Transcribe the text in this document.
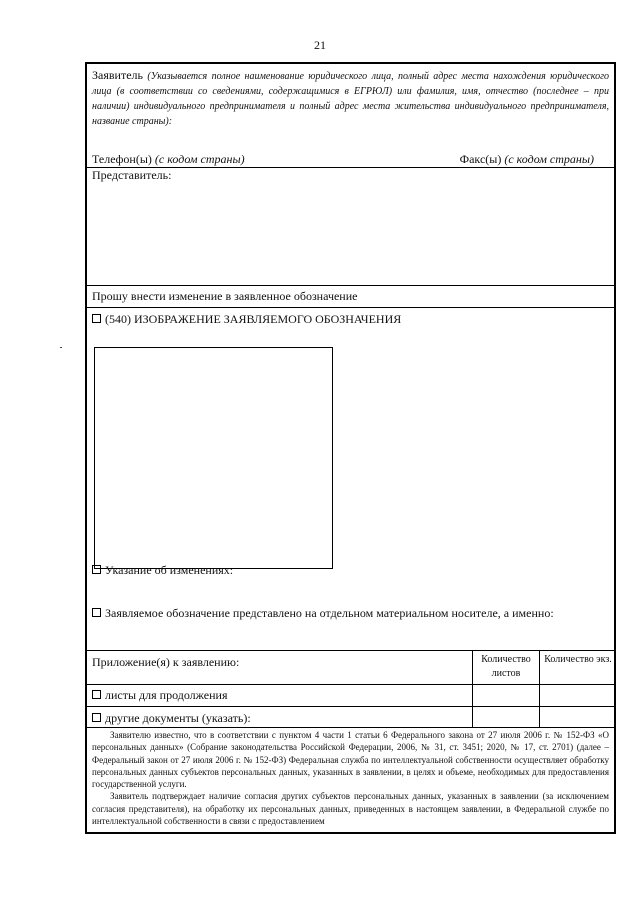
21
Заявитель (Указывается полное наименование юридического лица, полный адрес места нахождения юридического лица (в соответствии со сведениями, содержащимися в ЕГРЮЛ) или фамилия, имя, отчество (последнее – при наличии) индивидуального предпринимателя и полный адрес места жительства индивидуального предпринимателя, название страны):
Телефон(ы) (с кодом страны)	Факс(ы) (с кодом страны)
Представитель:
Прошу внести изменение в заявленное обозначение
(540) ИЗОБРАЖЕНИЕ ЗАЯВЛЯЕМОГО ОБОЗНАЧЕНИЯ
Указание об изменениях:
Заявляемое обозначение представлено на отдельном материальном носителе, а именно:
Приложение(я) к заявлению:	Количество листов
Количество экз.
листы для продолжения
другие документы (указать):

Заявителю известно, что в соответствии с пунктом 4 части 1 статьи 6 Федерального закона от 27 июля 2006 г. № 152-ФЗ «О персональных данных» (Собрание законодательства Российской Федерации, 2006, № 31, ст. 3451; 2020, № 17, ст. 2701) (далее – Федеральный закон от 27 июля 2006 г. № 152-ФЗ) Федеральная служба по интеллектуальной собственности осуществляет обработку персональных данных субъектов персональных данных, указанных в заявлении, в целях и объеме, необходимых для предоставления государственной услуги.

Заявитель подтверждает наличие согласия других субъектов персональных данных, указанных в заявлении (за исключением согласия представителя), на обработку их персональных данных, приведенных в настоящем заявлении, в Федеральной службе по интеллектуальной собственности в связи с предоставлением
